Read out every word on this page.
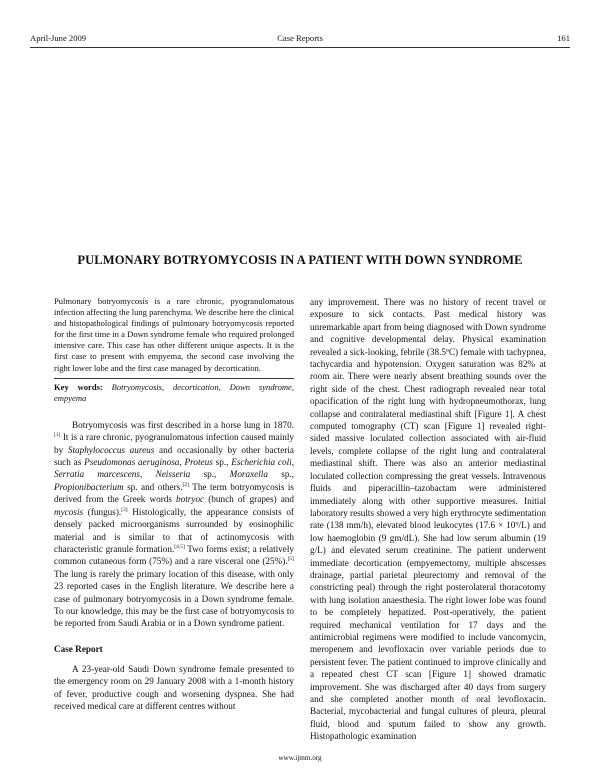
April-June 2009	Case Reports	161
PULMONARY BOTRYOMYCOSIS IN A PATIENT WITH DOWN SYNDROME

Pulmonary botryomycosis is a rare chronic, pyogranulomatous infection affecting the lung parenchyma. We describe here the clinical and histopathological findings of pulmonary botryomycosis reported for the first time in a Down syndrome female who required prolonged intensive care. This case has other different unique aspects. It is the first case to present with empyema, the second case involving the right lower lobe and the first case managed by decortication.

Key words: Botryomycosis, decortication, Down syndrome, empyema

Botryomycosis was first described in a horse lung in 1870.[1] It is a rare chronic, pyogranulomatous infection caused mainly by Staphylococcus aureus and occasionally by other bacteria such as Pseudomonas aeruginosa, Proteus sp., Escherichia coli, Serratia marcescens, Neisseria sp., Moraxella sp., Propionibacterium sp. and others.[2] The term botryomycosis is derived from the Greek words botryoc (bunch of grapes) and mycosis (fungus).[3] Histologically, the appearance consists of densely packed microorganisms surrounded by eosinophilic material and is similar to that of actinomycosis with characteristic granule formation.[4,5] Two forms exist; a relatively common cutaneous form (75%) and a rare visceral one (25%).[5] The lung is rarely the primary location of this disease, with only 23 reported cases in the English literature. We describe here a case of pulmonary botryomycosis in a Down syndrome female. To our knowledge, this may be the first case of botryomycosis to be reported from Saudi Arabia or in a Down syndrome patient.

Case Report

A 23-year-old Saudi Down syndrome female presented to the emergency room on 29 January 2008 with a 1-month history of fever, productive cough and worsening dyspnea. She had received medical care at different centres without

any improvement. There was no history of recent travel or exposure to sick contacts. Past medical history was unremarkable apart from being diagnosed with Down syndrome and cognitive developmental delay. Physical examination revealed a sick-looking, febrile (38.5ºC) female with tachypnea, tachycardia and hypotension. Oxygen saturation was 82% at room air. There were nearly absent breathing sounds over the right side of the chest. Chest radiograph revealed near total opacification of the right lung with hydropneumothorax, lung collapse and contralateral mediastinal shift [Figure 1]. A chest computed tomography (CT) scan [Figure 1] revealed right-sided massive loculated collection associated with air-fluid levels, complete collapse of the right lung and contralateral mediastinal shift. There was also an anterior mediastinal loculated collection compressing the great vessels. Intravenous fluids and piperacillin–tazobactam were administered immediately along with other supportive measures. Initial laboratory results showed a very high erythrocyte sedimentation rate (138 mm/h), elevated blood leukocytes (17.6 × 10⁹/L) and low haemoglobin (9 gm/dL). She had low serum albumin (19 g/L) and elevated serum creatinine. The patient underwent immediate decortication (empyemectomy, multiple abscesses drainage, partial parietal pleurectomy and removal of the constricting peal) through the right posterolateral thoracotomy with lung isolation anaesthesia. The right lower lobe was found to be completely hepatized. Post-operatively, the patient required mechanical ventilation for 17 days and the antimicrobial regimens were modified to include vancomycin, meropenem and levofloxacin over variable periods due to persistent fever. The patient continued to improve clinically and a repeated chest CT scan [Figure 1] showed dramatic improvement. She was discharged after 40 days from surgery and she completed another month of oral levofloxacin. Bacterial, mycobacterial and fungal cultures of pleura, pleural fluid, blood and sputum failed to show any growth. Histopathologic examination

www.ijmm.org
